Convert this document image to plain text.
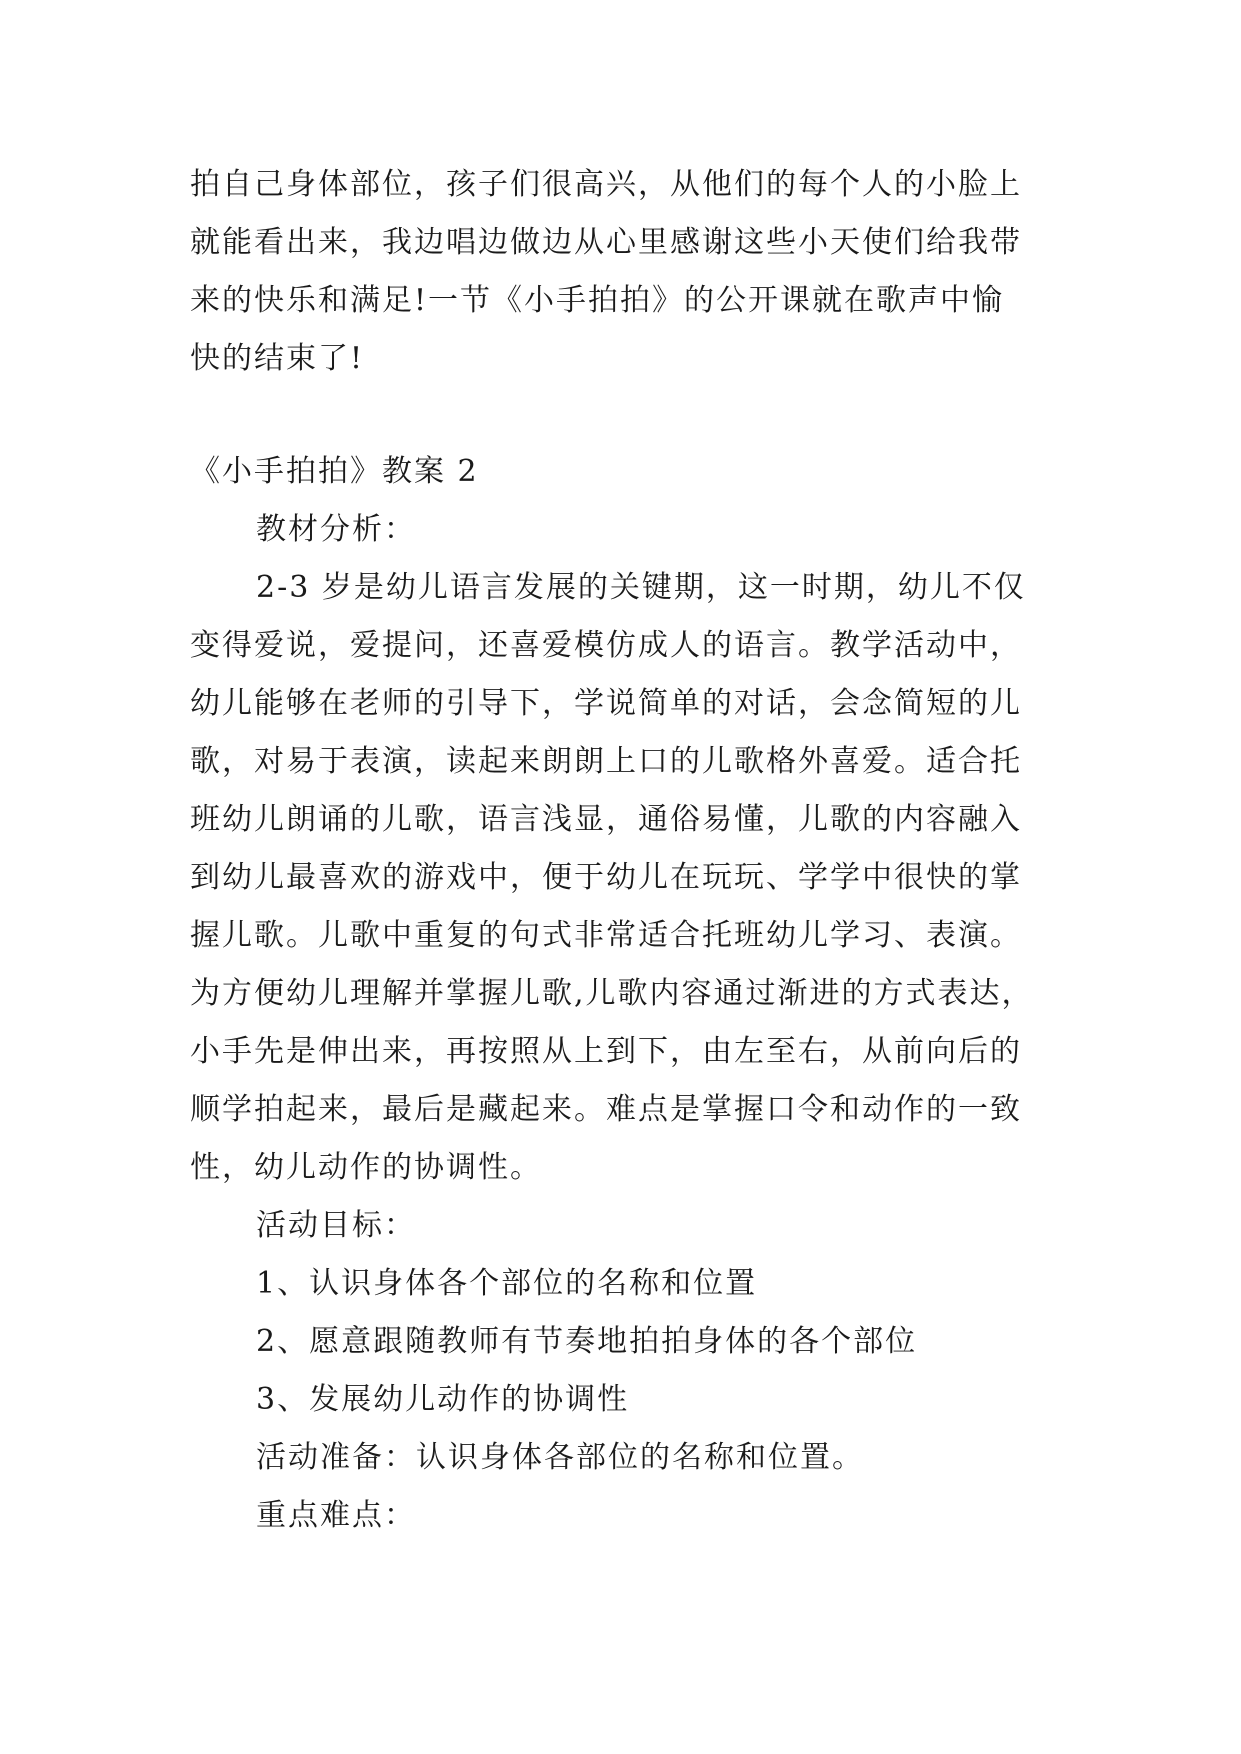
拍自己身体部位，孩子们很高兴，从他们的每个人的小脸上
就能看出来，我边唱边做边从心里感谢这些小天使们给我带
来的快乐和满足!一节《小手拍拍》的公开课就在歌声中愉
快的结束了!
《小手拍拍》教案 2
教材分析：
2-3 岁是幼儿语言发展的关键期，这一时期，幼儿不仅
变得爱说，爱提问，还喜爱模仿成人的语言。教学活动中，
幼儿能够在老师的引导下，学说简单的对话，会念简短的儿
歌，对易于表演，读起来朗朗上口的儿歌格外喜爱。适合托
班幼儿朗诵的儿歌，语言浅显，通俗易懂，儿歌的内容融入
到幼儿最喜欢的游戏中，便于幼儿在玩玩、学学中很快的掌
握儿歌。儿歌中重复的句式非常适合托班幼儿学习、表演。
为方便幼儿理解并掌握儿歌,儿歌内容通过渐进的方式表达，
小手先是伸出来，再按照从上到下，由左至右，从前向后的
顺学拍起来，最后是藏起来。难点是掌握口令和动作的一致
性，幼儿动作的协调性。
活动目标：
1、认识身体各个部位的名称和位置
2、愿意跟随教师有节奏地拍拍身体的各个部位
3、发展幼儿动作的协调性
活动准备：认识身体各部位的名称和位置。
重点难点：
